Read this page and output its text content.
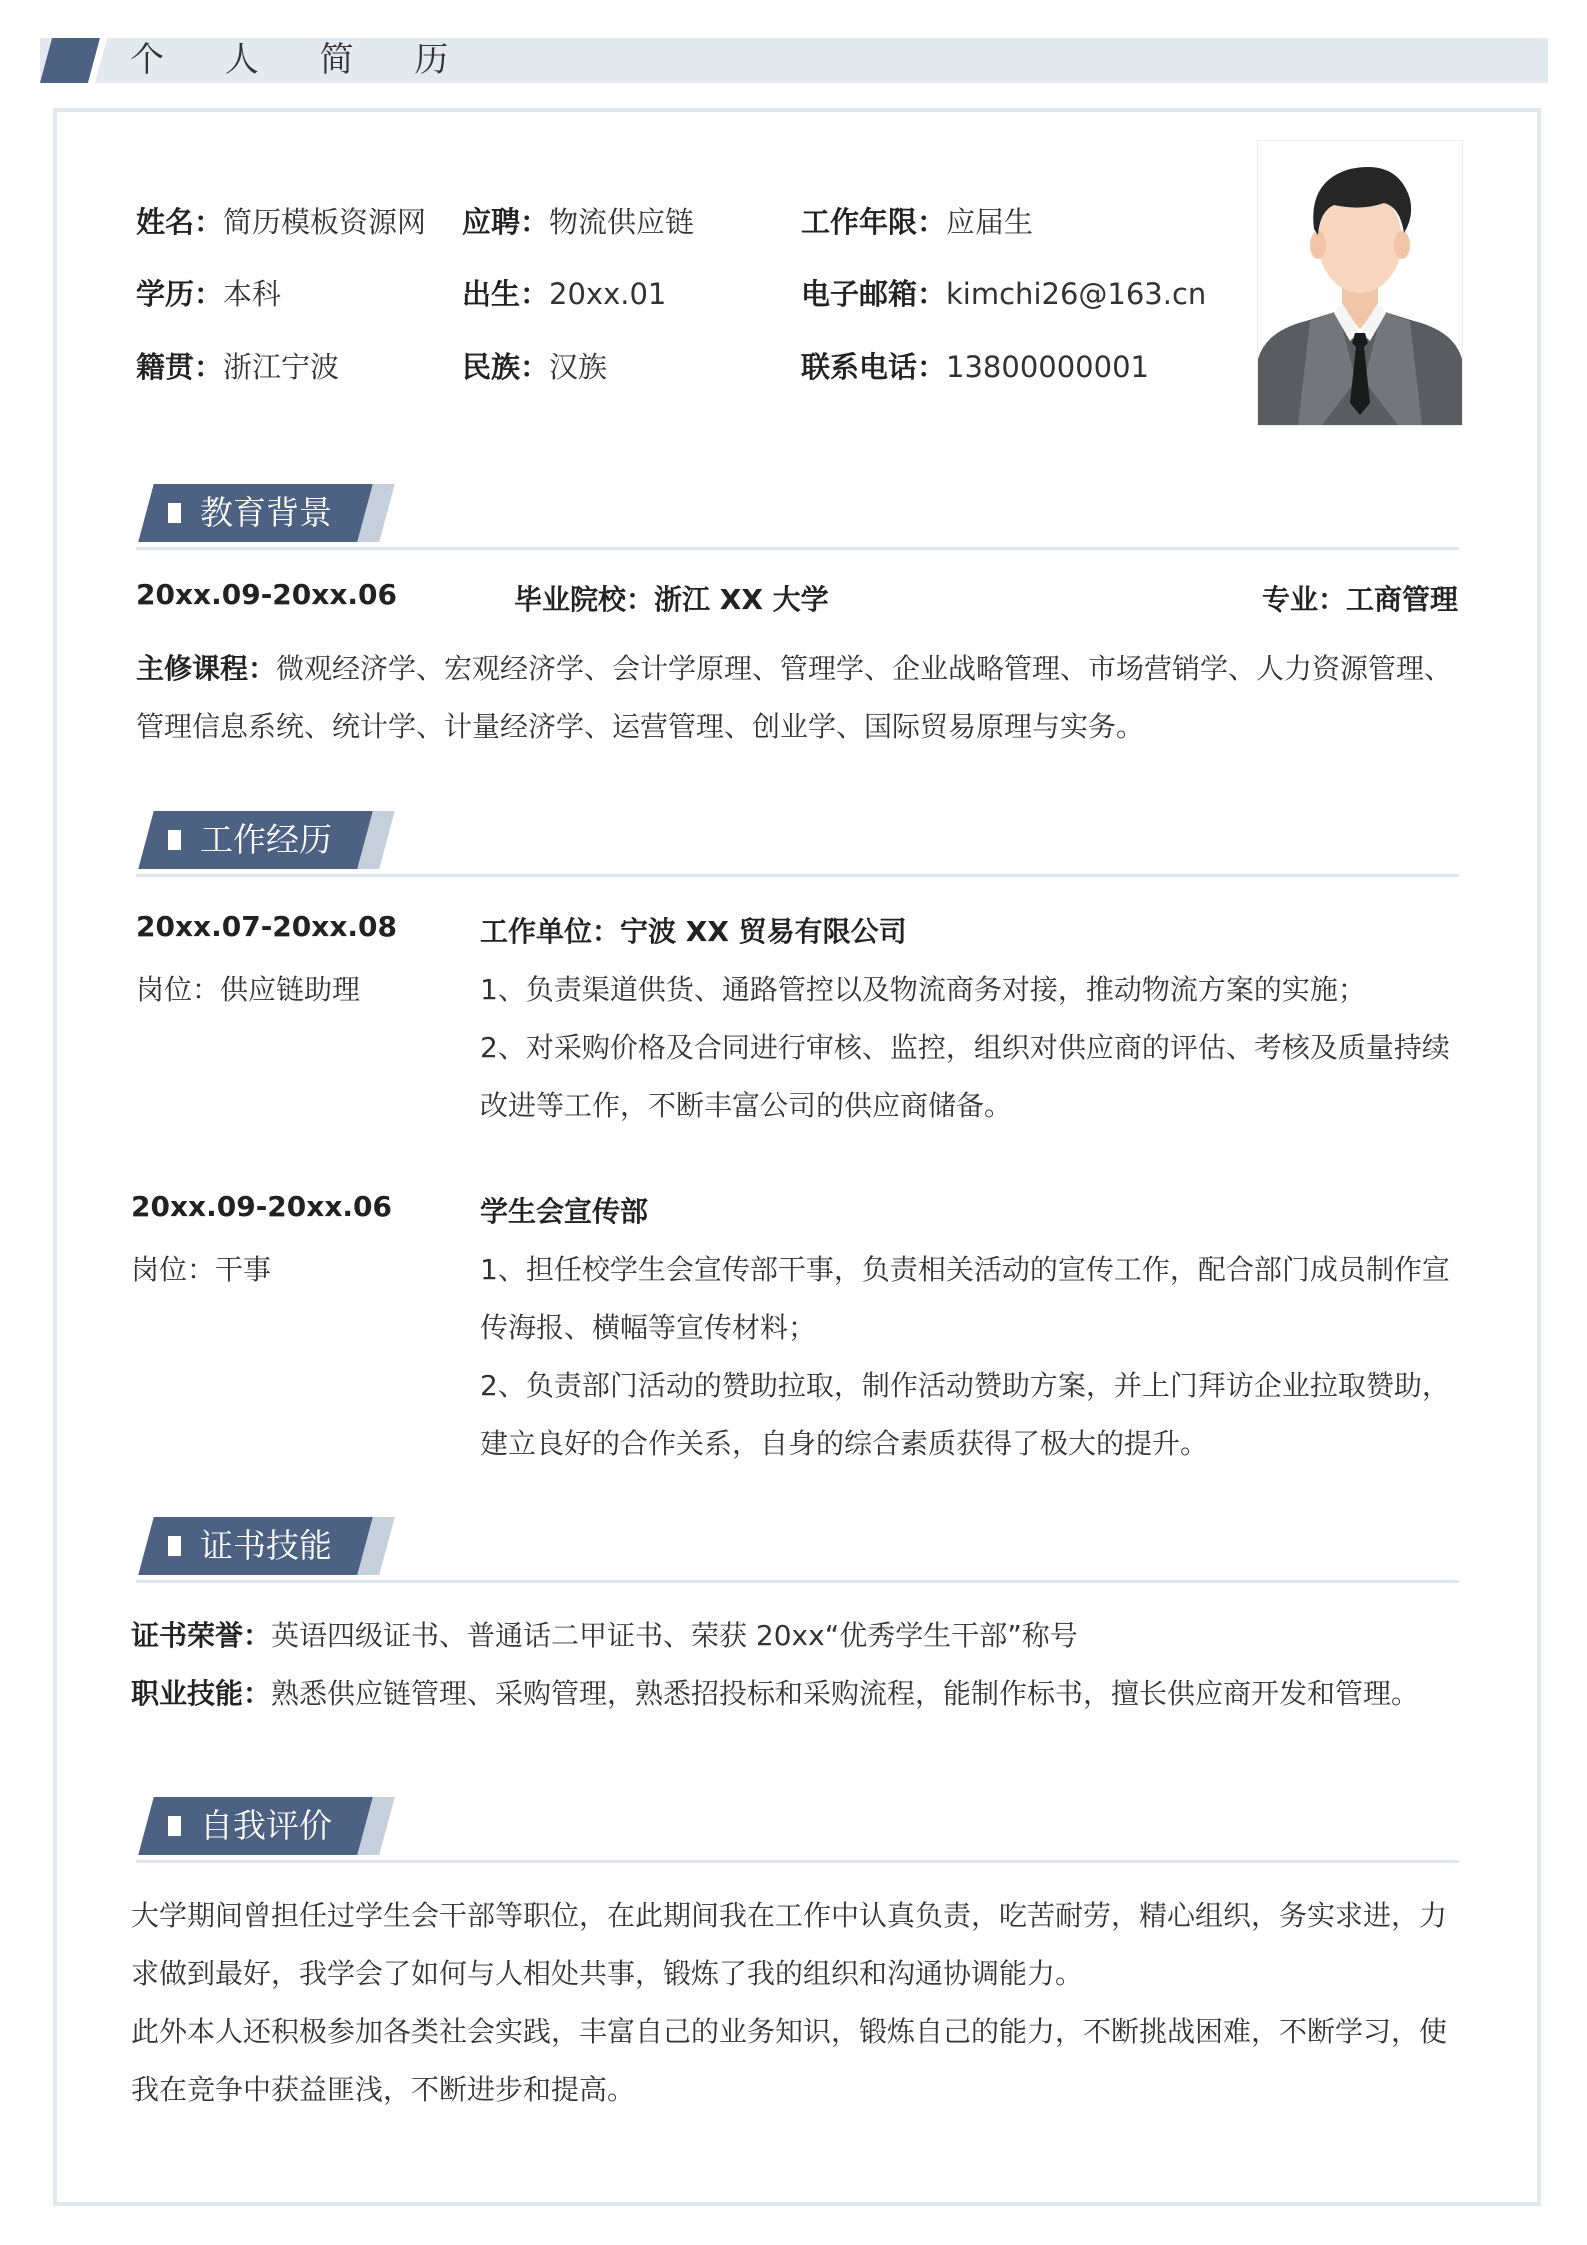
个 人 简 历
姓名：简历模板资源网 应聘：物流供应链	工作年限：应届生
学历：本科	出生：20xx.01	电子邮箱：kimchi26@163.cn
籍贯：浙江宁波	民族：汉族	联系电话：13800000001
教育背景
20xx.09-20xx.06	毕业院校：浙江 XX 大学	专业：工商管理
主修课程：微观经济学、宏观经济学、会计学原理、管理学、企业战略管理、市场营销学、人力资源管理、
管理信息系统、统计学、计量经济学、运营管理、创业学、国际贸易原理与实务。
工作经历
20xx.07-20xx.08	工作单位：宁波 XX 贸易有限公司
岗位：供应链助理	1、负责渠道供货、通路管控以及物流商务对接，推动物流方案的实施；
2、对采购价格及合同进行审核、监控，组织对供应商的评估、考核及质量持续
改进等工作，不断丰富公司的供应商储备。
20xx.09-20xx.06	学生会宣传部
岗位：干事	1、担任校学生会宣传部干事，负责相关活动的宣传工作，配合部门成员制作宣
传海报、横幅等宣传材料；
2、负责部门活动的赞助拉取，制作活动赞助方案，并上门拜访企业拉取赞助，
建立良好的合作关系，自身的综合素质获得了极大的提升。
证书技能
证书荣誉：英语四级证书、普通话二甲证书、荣获 20xx“优秀学生干部”称号
职业技能：熟悉供应链管理、采购管理，熟悉招投标和采购流程，能制作标书，擅长供应商开发和管理。
自我评价
大学期间曾担任过学生会干部等职位，在此期间我在工作中认真负责，吃苦耐劳，精心组织，务实求进，力
求做到最好，我学会了如何与人相处共事，锻炼了我的组织和沟通协调能力。
此外本人还积极参加各类社会实践，丰富自己的业务知识，锻炼自己的能力，不断挑战困难，不断学习，使
我在竞争中获益匪浅，不断进步和提高。
